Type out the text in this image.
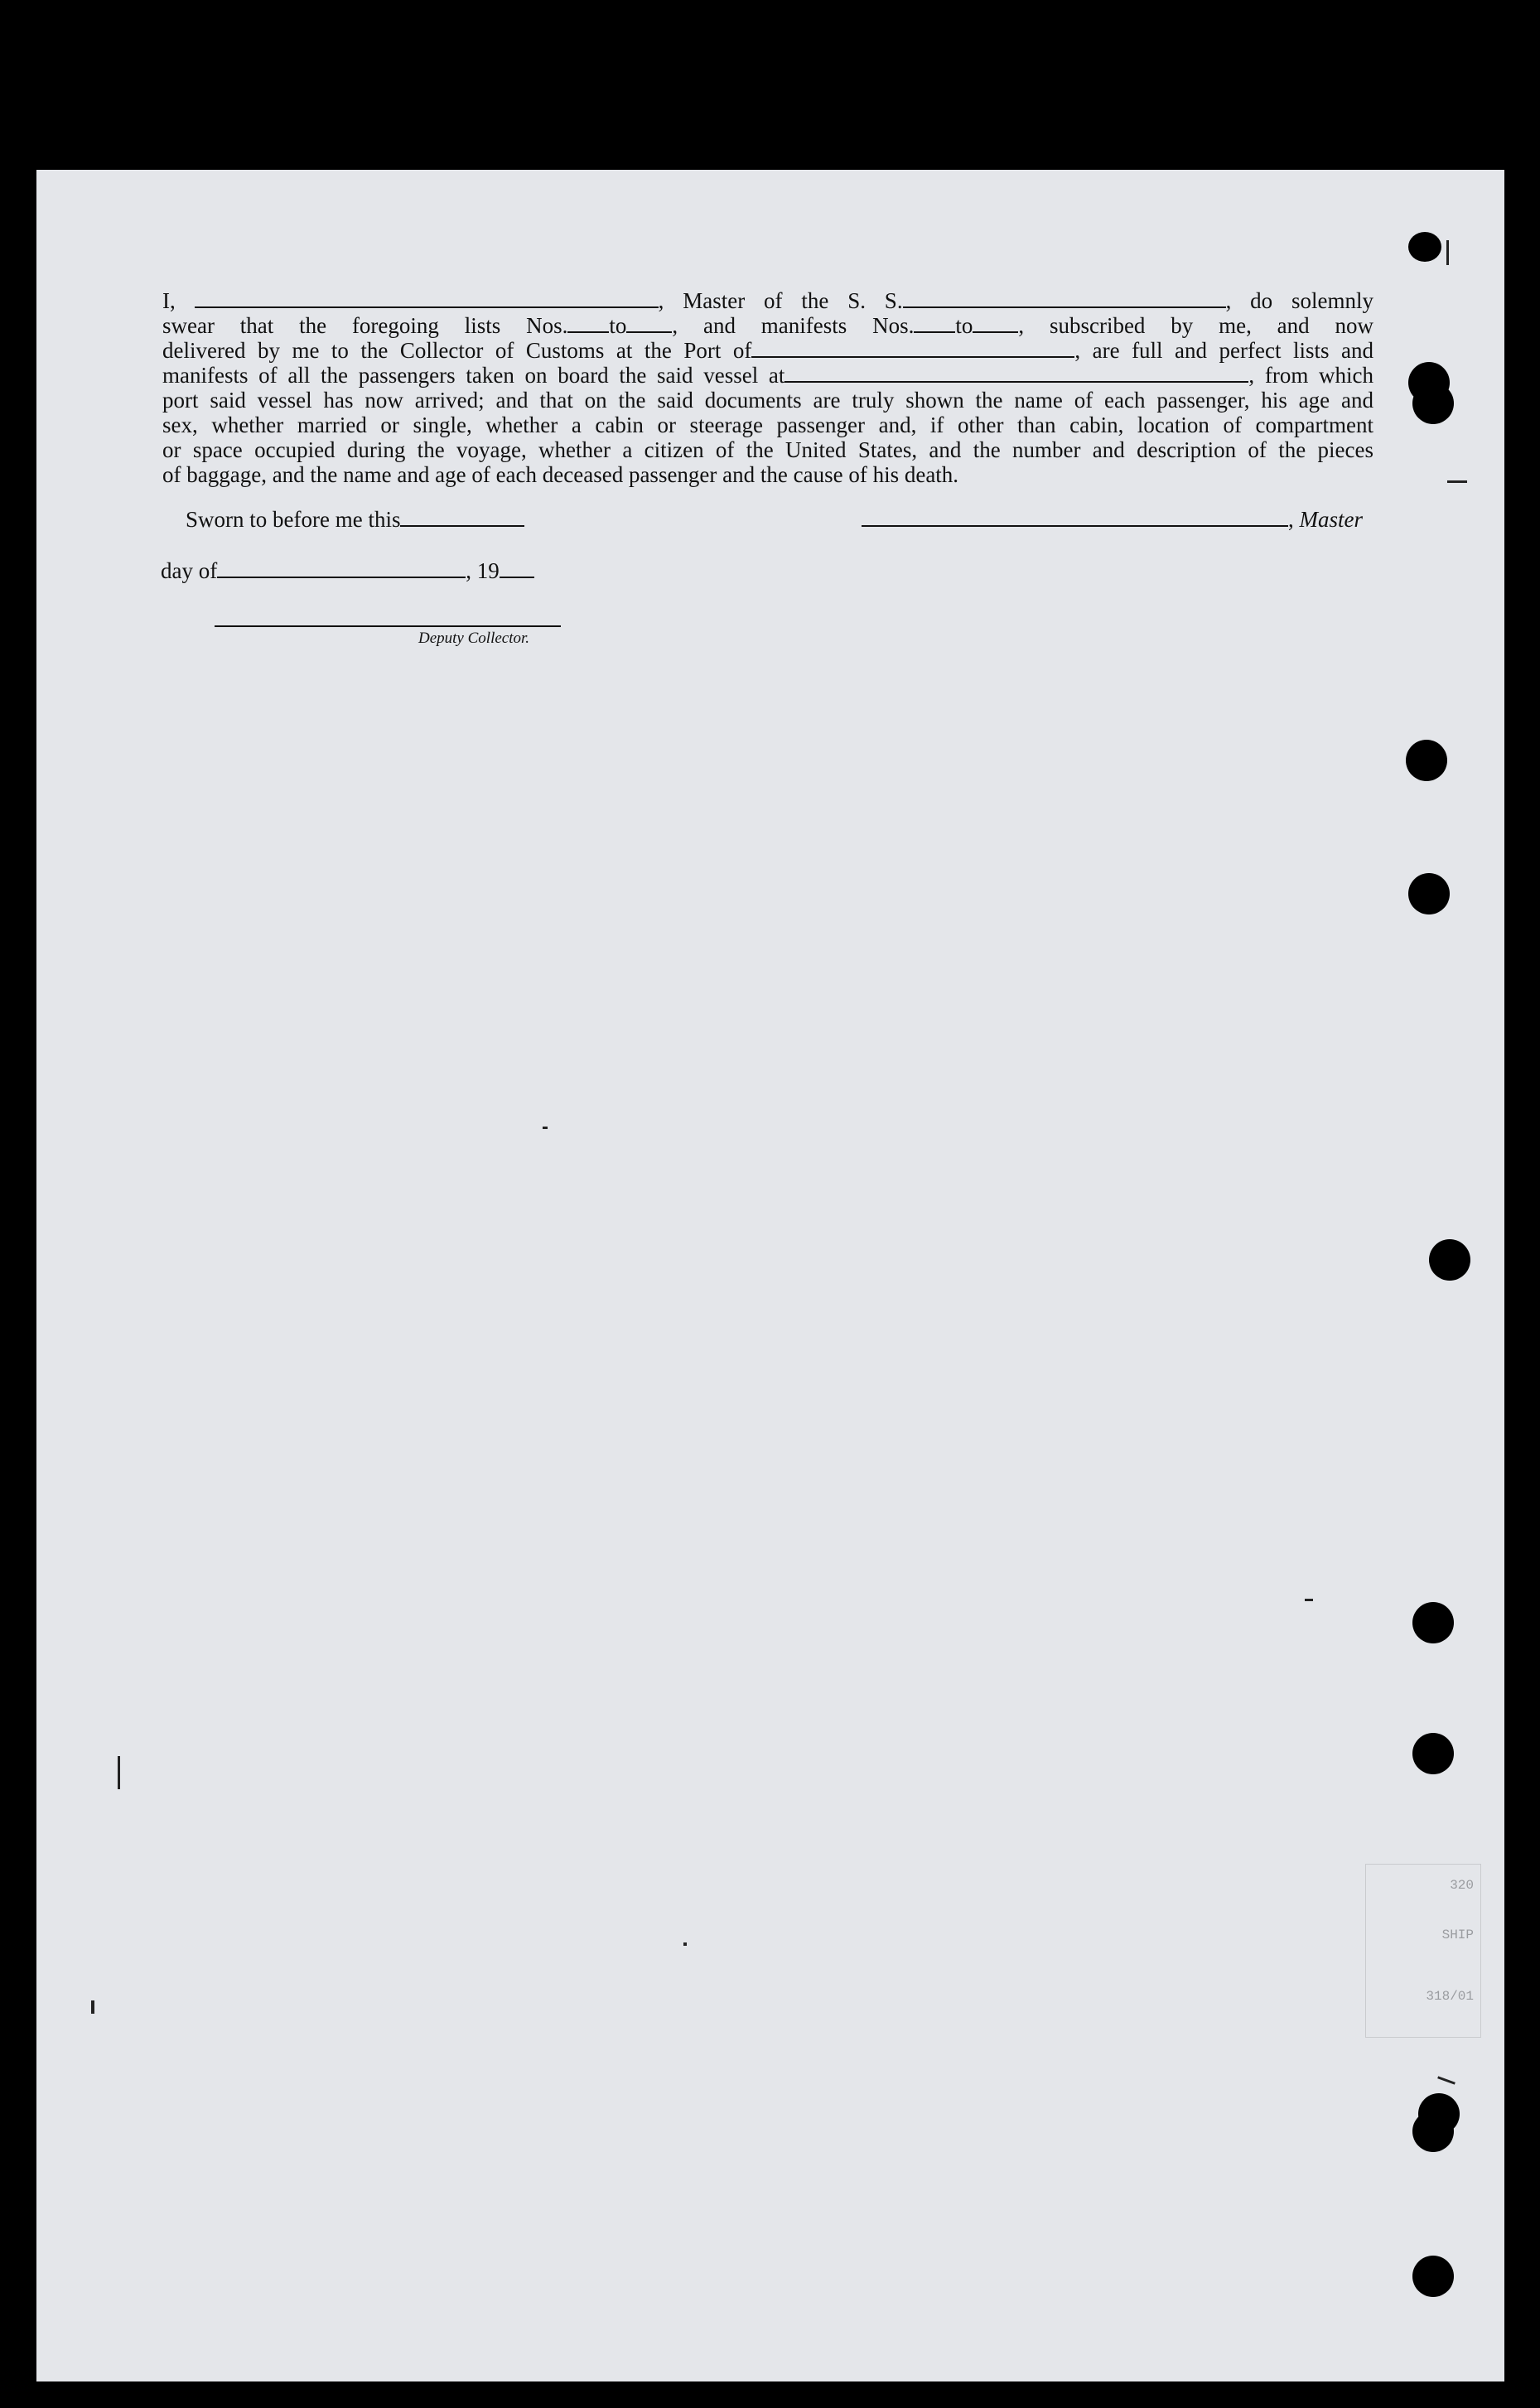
I,	, Master of the S. S.	, do solemnly

swear that the foregoing lists Nos. to , and manifests Nos. to , subscribed by me, and now

delivered by me to the Collector of Customs at the Port of	, are full and perfect lists and

manifests of all the passengers taken on board the said vessel at	, from which

port said vessel has now arrived; and that on the said documents are truly shown the name of each passenger, his age and

sex, whether married or single, whether a cabin or steerage passenger and, if other than cabin, location of compartment

or space occupied during the voyage, whether a citizen of the United States, and the number and description of the pieces

of baggage, and the name and age of each deceased passenger and the cause of his death.

Sworn to before me this	, Master
day of	, 19
Deputy Collector.
320
SHIP
318/01
